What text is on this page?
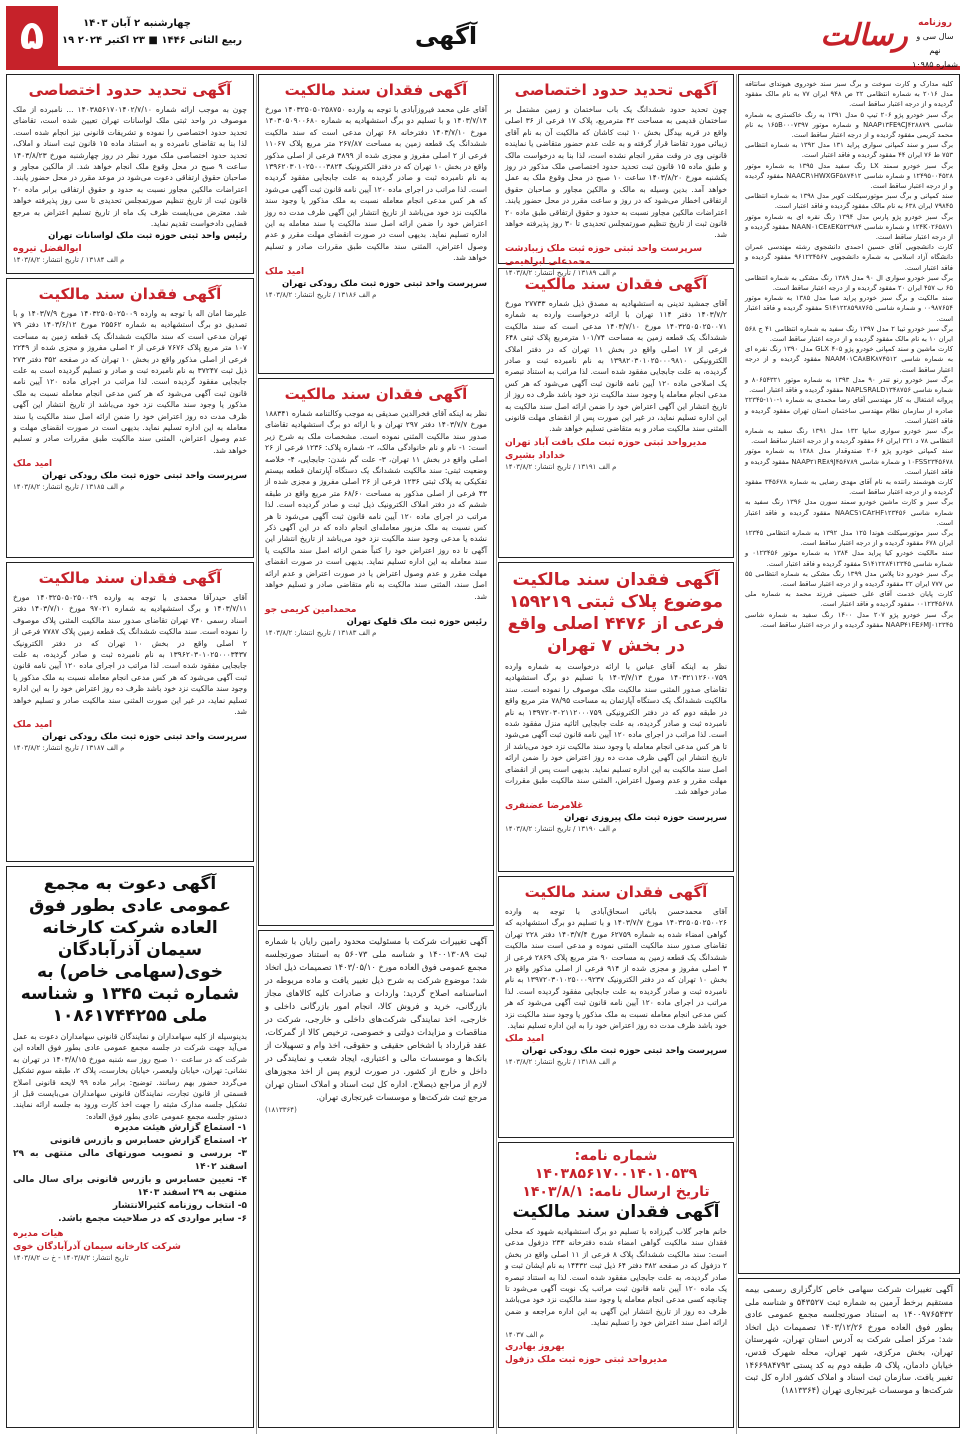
۵	چهارشنبه ۲ آبان ۱۴۰۳
۱۹ ربیع الثانی ۱۴۴۶ ■ ۲۳ اکتبر ۲۰۲۴	آگهی	رسالت	روزنامه
سال سی و نهم
شماره ۱۰۹۸۵
آگهی تحدید حدود اختصاصی

چون به موجب ارائه شماره ۱۴۰۳۸۵۶۱۷۰۱۴۰۲/۷/۱۰ ... نامبرده از ملک موصوف در واحد ثبتی ملک لواسانات تهران تعیین شده است، تقاضای تحدید حدود اختصاصی را نموده و تشریفات قانونی نیز انجام شده است. لذا بنا به تقاضای نامبرده و به استناد ماده ۱۵ قانون ثبت اسناد و املاک، تحدید حدود اختصاصی ملک مورد نظر در روز چهارشنبه مورخ ۱۴۰۳/۸/۲۳ ساعت ۹ صبح در محل وقوع ملک انجام خواهد شد. از مالکین مجاور و صاحبان حقوق ارتفاقی دعوت می‌شود در موعد مقرر در محل حضور یابند. اعتراضات مالکین مجاور نسبت به حدود و حقوق ارتفاقی برابر ماده ۲۰ قانون ثبت از تاریخ تنظیم صورتمجلس تحدیدی تا سی روز پذیرفته خواهد شد. معترض می‌بایست ظرف یک ماه از تاریخ تسلیم اعتراض به مرجع قضایی دادخواست تقدیم نماید.

رئیس واحد ثبتی حوزه ثبت ملک لواسانات تهران
ابوالفضل تیروه
م الف ۱۳۱۸۴ / تاریخ انتشار: ۱۴۰۳/۸/۲
آگهی فقدان سند مالکیت

علیرضا امان اله با توجه به وارده ۱۴۰۳۲۵۰۵۰۲۵۰۰۹ مورخ ۱۴۰۳/۷/۹ و با تصدیق دو برگ استشهادیه به شماره ۲۵۵۶۲ مورخ ۱۴۰۳/۶/۱۲ دفتر ۷۹ تهران مدعی است که سند مالکیت ششدانگ یک قطعه زمین به مساحت ۱۰۷ متر مربع پلاک ۷۶۷۶ فرعی از ۲ اصلی مفروز و مجزی شده از ۲۲۴۹ فرعی از اصلی مذکور واقع در بخش ۱۰ تهران که در صفحه ۳۵۲ دفتر ۲۷۳ ذیل ثبت ۳۷۲۴۷ به نام نامبرده ثبت و صادر و تسلیم گردیده است به علت جابجایی مفقود گردیده است. لذا مراتب در اجرای ماده ۱۲۰ آیین نامه قانون ثبت آگهی می‌شود که هر کس مدعی انجام معامله نسبت به ملک مذکور یا وجود سند مالکیت نزد خود می‌باشد از تاریخ انتشار این آگهی ظرف مدت ده روز اعتراض خود را ضمن ارائه اصل سند مالکیت یا سند معامله به این اداره تسلیم نماید. بدیهی است در صورت انقضای مهلت و عدم وصول اعتراض، المثنی سند مالکیت طبق مقررات صادر و تسلیم خواهد شد.

امید ملک
سرپرست واحد ثبتی حوزه ثبت ملک رودکی تهران
م الف ۱۳۱۸۵ / تاریخ انتشار: ۱۴۰۳/۸/۲
آگهی فقدان سند مالکیت

آقای حیدرآقا محمدی با توجه به وارده ۱۴۰۳۲۵۰۵۰۲۵۰۰۲۹ مورخ ۱۴۰۳/۷/۱۱ و برگ استشهادیه به شماره ۹۷۰۲۱ مورخ ۱۴۰۳/۷/۱۰ دفتر اسناد رسمی ۷۴۰ تهران تقاضای صدور سند مالکیت المثنی پلاک موصوف را نموده است. سند مالکیت ششدانگ یک قطعه زمین پلاک ۷۷۸۷ فرعی از ۲ اصلی واقع در بخش ۱۰ تهران که در دفتر الکترونیک ۱۳۹۶۲۰۳۰۱۰۲۵۰۰۰۳۴۳۷ به نام نامبرده ثبت و صادر گردیده، به علت جابجایی مفقود شده است. لذا مراتب در اجرای ماده ۱۲۰ آیین نامه قانون ثبت آگهی می‌شود که هر کس مدعی انجام معامله نسبت به ملک مذکور یا وجود سند مالکیت نزد خود باشد ظرف ده روز اعتراض خود را به این اداره تسلیم نماید، در غیر این صورت المثنی سند مالکیت صادر و تسلیم خواهد شد.

امید ملک
سرپرست واحد ثبتی حوزه ثبت ملک رودکی تهران
م الف ۱۳۱۸۷ / تاریخ انتشار: ۱۴۰۳/۸/۲
آگهی دعوت به مجمع عمومی عادی بطور فوق العاده شرکت کارخانه سیمان آذرآبادگان خوی(سهامی خاص) به شماره ثبت ۱۳۴۵ و شناسه ملی ۱۰۸۶۱۷۴۴۲۵۵

بدینوسیله از کلیه سهامداران و نمایندگان قانونی سهامداران دعوت به عمل می‌آید جهت شرکت در جلسه مجمع عمومی عادی بطور فوق العاده این شرکت که در ساعت ۱۰ صبح روز سه شنبه مورخ ۱۴۰۳/۸/۱۵ در تهران به نشانی: تهران، خیابان ولیعصر، خیابان بخارست، پلاک ۲، طبقه سوم تشکیل می‌گردد حضور بهم رسانند. توضیح: برابر ماده ۹۹ لایحه قانونی اصلاح قسمتی از قانون تجارت، نمایندگان قانونی سهامداران می‌بایست قبل از تشکیل جلسه مدارک مثبته را جهت اخذ کارت ورود به جلسه ارائه نمایند. دستور جلسه مجمع عمومی عادی بطور فوق العاده:

۱- استماع گزارش هیئت مدیره
۲- استماع گزارش حسابرس و بازرس قانونی
۳- بررسی و تصویب صورتهای مالی منتهی به ۲۹ اسفند ۱۴۰۲
۴- تعیین حسابرس و بازرس قانونی برای سال مالی منتهی به ۲۹ اسفند ۱۴۰۳
۵- انتخاب روزنامه کثیرالانتشار
۶- سایر مواردی که در صلاحیت مجمع باشد.

هیات مدیره
شرکت کارخانه سیمان آذرآبادگان خوی
تاریخ انتشار: ۱۴۰۳/۸/۲ - خ ت ۱۴۰۳/۸/۲
آگهی فقدان سند مالکیت

آقای علی محمد فیروزآبادی با توجه به وارده ۱۴۰۳۲۵۰۵۰۲۵۸۷۵۰ مورخ ۱۴۰۳/۷/۱۴ و با تسلیم دو برگ استشهادیه به شماره ۱۴۰۳۰۵۰۹۰۰۶۸۰ مورخ ۱۴۰۳/۷/۱۰ دفترخانه ۶۸ تهران مدعی است که سند مالکیت ششدانگ یک قطعه زمین به مساحت ۲۶۷/۸۷ متر مربع پلاک ۱۱۰۶۷ فرعی از ۲ اصلی مفروز و مجزی شده از ۳۸۹۹ فرعی از اصلی مذکور واقع در بخش ۱۰ تهران که در دفتر الکترونیک ۱۳۹۶۲۰۳۰۱۰۲۵۰۰۰۳۸۲۴ به نام نامبرده ثبت و صادر گردیده به علت جابجایی مفقود گردیده است. لذا مراتب در اجرای ماده ۱۲۰ آیین نامه قانون ثبت آگهی می‌شود که هر کس مدعی انجام معامله نسبت به ملک مذکور یا وجود سند مالکیت نزد خود می‌باشد از تاریخ انتشار این آگهی ظرف مدت ده روز اعتراض خود را ضمن ارائه اصل سند مالکیت یا سند معامله به این اداره تسلیم نماید. بدیهی است در صورت انقضای مهلت مقرر و عدم وصول اعتراض، المثنی سند مالکیت طبق مقررات صادر و تسلیم خواهد شد.

امید ملک
سرپرست واحد ثبتی حوزه ثبت ملک رودکی تهران
م الف ۱۳۱۸۶ / تاریخ انتشار: ۱۴۰۳/۸/۲
آگهی فقدان سند مالکیت

نظر به اینکه آقای فخرالدین صدیقی به موجب وکالتنامه شماره ۱۸۸۳۴۱ مورخ ۱۴۰۳/۷/۷ دفتر ۲۹۷ تهران و با ارائه دو برگ استشهادیه تقاضای صدور سند مالکیت المثنی نموده است. مشخصات ملک به شرح زیر است: ۱- نام و نام خانوادگی مالک، ۲- شماره پلاک: ۱۲۳۶ فرعی از ۲۶ اصلی واقع در بخش ۱۱ تهران، ۳- علت گم شدن: جابجایی، ۴- خلاصه وضعیت ثبتی: سند مالکیت ششدانگ یک دستگاه آپارتمان قطعه بیستم تفکیکی به پلاک ثبتی ۱۲۳۶ فرعی از ۲۶ اصلی مفروز و مجزی شده از ۴۳ فرعی از اصلی مذکور به مساحت ۶۸/۶۰ متر مربع واقع در طبقه ششم که در دفتر املاک الکترونیک ذیل ثبت و صادر گردیده است. لذا مراتب در اجرای ماده ۱۲۰ آیین نامه قانون ثبت آگهی می‌شود تا هر کس نسبت به ملک مزبور معامله‌ای انجام داده که در این آگهی ذکر نشده یا مدعی وجود سند مالکیت نزد خود می‌باشد از تاریخ انتشار این آگهی تا ده روز اعتراض خود را کتباً ضمن ارائه اصل سند مالکیت یا سند معامله به این اداره تسلیم نماید. بدیهی است در صورت انقضای مهلت مقرر و عدم وصول اعتراض یا در صورت اعتراض و عدم ارائه اصل سند، المثنی سند مالکیت به نام متقاضی صادر و تسلیم خواهد شد.

محمدامین کریمی جو
رئیس حوزه ثبت ملک قلهک تهران
م الف ۱۳۱۸۳ / تاریخ انتشار: ۱۴۰۳/۸/۲

آگهی تغییرات شرکت با مسئولیت محدود رامین رایان با شماره ثبت ۱۴۰۰۱۳۰۸۹ و شناسه ملی ۵۶۰۷۳ به استناد صورتجلسه مجمع عمومی فوق العاده مورخ ۱۴۰۳/۰۵/۱۰ تصمیمات ذیل اتخاذ شد: موضوع شرکت به شرح ذیل تغییر یافت و ماده مربوطه در اساسنامه اصلاح گردید: واردات و صادرات کلیه کالاهای مجاز بازرگانی، خرید و فروش کالا، انجام امور بازرگانی داخلی و خارجی، اخذ نمایندگی شرکت‌های داخلی و خارجی، شرکت در مناقصات و مزایدات دولتی و خصوصی، ترخیص کالا از گمرکات، عقد قرارداد با اشخاص حقیقی و حقوقی، اخذ وام و تسهیلات از بانک‌ها و موسسات مالی و اعتباری، ایجاد شعب و نمایندگی در داخل و خارج از کشور. در صورت لزوم پس از اخذ مجوزهای لازم از مراجع ذیصلاح. اداره کل ثبت اسناد و املاک استان تهران مرجع ثبت شرکت‌ها و موسسات غیرتجاری تهران.

(۱۸۱۳۳۶۴)
آگهی تحدید حدود اختصاصی

چون تحدید حدود ششدانگ یک باب ساختمان و زمین مشتمل بر ساختمان قدیمی به مساحت ۴۲ مترمربع، پلاک ۱۷ فرعی از ۳۶ اصلی واقع در قریه بیدگل بخش ۱۰ ثبت کاشان که مالکیت آن به نام آقای زیبائی مورد تقاضا قرار گرفته و به علت عدم حضور متقاضی یا نماینده قانونی وی در وقت مقرر انجام نشده است، لذا بنا به درخواست مالک و طبق ماده ۱۵ قانون ثبت تحدید حدود اختصاصی ملک مذکور در روز یکشنبه مورخ ۱۴۰۳/۸/۲۰ ساعت ۱۰ صبح در محل وقوع ملک به عمل خواهد آمد. بدین وسیله به مالک و مالکین مجاور و صاحبان حقوق ارتفاقی اخطار می‌شود که در روز و ساعت مقرر در محل حضور یابند. اعتراضات مالکین مجاور نسبت به حدود و حقوق ارتفاقی طبق ماده ۲۰ قانون ثبت از تاریخ تنظیم صورتمجلس تحدیدی تا ۳۰ روز پذیرفته خواهد شد.

سرپرست واحد ثبتی حوزه ثبت ملک زیبادشت
محمدعلی ابراهیمی
م الف ۱۳۱۸۹ / تاریخ انتشار: ۱۴۰۳/۸/۲
آگهی فقدان سند مالکیت

آقای جمشید تدینی به استشهادیه به مصدق ذیل شماره ۲۷۷۳۳ مورخ ۱۴۰۳/۷/۲ دفتر ۱۱۴ تهران با ارائه درخواست وارده به شماره ۱۴۰۳۲۵۰۵۰۲۵۰۰۷۱ مورخ ۱۴۰۳/۷/۱۰ مدعی است که سند مالکیت ششدانگ یک قطعه زمین به مساحت ۱۰۱/۷۴ مترمربع پلاک ثبتی ۶۴۸ فرعی از ۱۷ اصلی واقع در بخش ۱۱ تهران که در دفتر املاک الکترونیکی ۱۳۹۸۲۰۳۰۱۰۲۵۰۰۰۹۸۱۰ به نام نامبرده ثبت و صادر گردیده، به علت جابجایی مفقود شده است. لذا مراتب به استناد تبصره یک اصلاحی ماده ۱۲۰ آیین نامه قانون ثبت آگهی می‌شود که هر کس مدعی انجام معامله یا وجود سند مالکیت نزد خود باشد ظرف ده روز از تاریخ انتشار این آگهی اعتراض خود را ضمن ارائه اصل سند مالکیت به این اداره تسلیم نماید، در غیر این صورت پس از انقضای مهلت قانونی المثنی سند مالکیت صادر و به متقاضی تسلیم خواهد شد.

مدیرواحد ثبتی حوزه ثبت ملک بافت آباد تهران
خداداد بشیری
م الف ۱۳۱۹۱ / تاریخ انتشار: ۱۴۰۳/۸/۲
آگهی فقدان سند مالکیت موضوع پلاک ثبتی ۱۵۹۲۱۹ فرعی از ۴۴۷۶ اصلی واقع در بخش ۷ تهران

نظر به اینکه آقای عباس با ارائه درخواست به شماره وارده ۱۴۰۳۲۱۱۲۶۰۰۷۵۹ مورخ ۱۴۰۳/۷/۱۳ با تسلیم دو برگ استشهادیه تقاضای صدور المثنی سند مالکیت ملک موصوف را نموده است. سند مالکیت ششدانگ یک دستگاه آپارتمان به مساحت ۷۸/۹۵ متر مربع واقع در طبقه دوم که در دفتر الکترونیکی ۱۳۹۷۲۰۳۰۲۱۱۲۰۰۰۷۵۹ به نام نامبرده ثبت و صادر گردیده، به علت جابجایی اثاثیه منزل مفقود شده است. لذا مراتب در اجرای ماده ۱۲۰ آیین نامه قانون ثبت آگهی می‌شود تا هر کس مدعی انجام معامله یا وجود سند مالکیت نزد خود می‌باشد از تاریخ انتشار این آگهی ظرف مدت ده روز اعتراض خود را ضمن ارائه اصل سند مالکیت به این اداره تسلیم نماید. بدیهی است پس از انقضای مهلت مقرر و عدم وصول اعتراض، المثنی سند مالکیت طبق مقررات صادر خواهد شد.

غلامرضا عضنفری
سرپرست حوزه ثبت ملک پیروزی تهران
م الف ۱۳۱۹۰ / تاریخ انتشار: ۱۴۰۳/۸/۲
آگهی فقدان سند مالکیت

آقای محمدحسن بابائی اسحاق‌آبادی با توجه به وارده ۱۴۰۳۲۵۰۵۰۲۵۰۰۲۶ مورخ ۱۴۰۳/۷/۷ و با تسلیم دو برگ استشهادیه که گواهی امضاء شده به شماره ۶۲۷۵۹ مورخ ۱۴۰۳/۷/۴ دفتر ۲۲۸ تهران تقاضای صدور سند مالکیت المثنی نموده و مدعی است سند مالکیت ششدانگ یک قطعه زمین به مساحت ۹۰ متر مربع پلاک ۲۸۶۹ فرعی از ۳ اصلی مفروز و مجزی شده از ۹۱۴ فرعی از اصلی مذکور واقع در بخش ۱۰ تهران که در دفتر الکترونیک ۱۳۹۷۲۰۳۰۱۰۲۵۰۰۰۹۲۳۷ به نام نامبرده ثبت و صادر گردیده به علت جابجایی مفقود گردیده است. لذا مراتب در اجرای ماده ۱۲۰ آیین نامه قانون ثبت آگهی می‌شود که هر کس مدعی انجام معامله نسبت به ملک مذکور یا وجود سند مالکیت نزد خود باشد ظرف مدت ده روز اعتراض خود را به این اداره تسلیم نماید.

امید ملک
سرپرست واحد ثبتی حوزه ثبت ملک رودکی تهران
م الف ۱۳۱۸۸ / تاریخ انتشار: ۱۴۰۳/۸/۲
شماره نامه: ۱۴۰۳۸۵۶۱۷۰۰۱۴۰۱۰۵۳۹
تاریخ ارسال نامه: ۱۴۰۳/۸/۱
آگهی فقدان سند مالکیت

خانم هاجر گلاب گیرزاده با تسلیم دو برگ استشهادیه شهود که محلی فقدان سند مالکیت گواهی امضاء شده دفترخانه ۲۳۳ دزفول مدعی است: سند مالکیت ششدانگ پلاک ۸ فرعی از ۱۱ اصلی واقع در بخش ۲ دزفول که در صفحه ۳۸۲ دفتر ۶۴ ذیل ثبت ۱۴۴۳۲ به نام ایشان ثبت و صادر گردیده، به علت جابجایی مفقود شده است. لذا به استناد تبصره یک ماده ۱۲۰ آیین نامه قانون ثبت مراتب یک نوبت آگهی می‌شود تا چنانچه کسی مدعی انجام معامله یا وجود سند مالکیت نزد خود می‌باشد ظرف ده روز از تاریخ انتشار این آگهی به این اداره مراجعه و ضمن ارائه اصل سند اعتراض خود را تسلیم نماید.

م الف ۱۴۰۳۷
بهروز بهادری
مدیرواحد ثبتی حوزه ثبت ملک دزفول

کلیه مدارک و کارت سوخت و برگ سبز سند خودروی هیوندای سانتافه مدل ۲۰۱۶ به شماره انتظامی ۲۲ ص ۹۴۸ ایران ۷۷ به نام مالک مفقود گردیده و از درجه اعتبار ساقط است.

برگ سبز خودرو پژو ۲۰۶ تیپ ۵ مدل ۱۳۹۱ به رنگ خاکستری به شماره شاسی NAAP۱۳FE۹CJ۴۲۸۸۷۹ و شماره موتور ۱۶۵B۰۰۰۷۳۹۷ به نام محمد کریمی مفقود گردیده و از درجه اعتبار ساقط است.

برگ سبز و سند کمپانی سواری پراید ۱۳۱ مدل ۱۳۹۲ به شماره انتظامی ۷۵۳ ط ۷۶ ایران ۴۴ مفقود گردیده و فاقد اعتبار است.

برگ سبز خودرو سمند LX رنگ سفید مدل ۱۳۹۵ به شماره موتور ۱۲۴۹۵۰۰۴۵۲۸ و شماره شاسی NAACR۱HWXGF۵۸۷۴۱۲ مفقود گردیده و از درجه اعتبار ساقط است.

سند کمپانی و برگ سبز موتورسیکلت کویر مدل ۱۳۹۸ به شماره انتظامی ۷۹۸۴۵ ایران ۶۳۸ به نام مالک مفقود گردیده و فاقد اعتبار است.

برگ سبز خودرو پژو پارس مدل ۱۳۹۴ رنگ نقره ای به شماره موتور ۱۲۴K۰۲۶۵۸۷۱ و شماره شاسی NAAN۰۱CE۸EK۵۲۳۹۸۴ مفقود گردیده و از درجه اعتبار ساقط است.

کارت دانشجویی آقای حسین احمدی دانشجوی رشته مهندسی عمران دانشگاه آزاد اسلامی به شماره دانشجویی ۹۶۱۲۳۴۵۶۷ مفقود گردیده و فاقد اعتبار است.

برگ سبز خودرو سواری ال ۹۰ مدل ۱۳۸۹ رنگ مشکی به شماره انتظامی ۶۵ ب ۴۵۷ ایران ۲۰ مفقود گردیده و از درجه اعتبار ساقط است.

سند مالکیت و برگ سبز خودرو پراید صبا مدل ۱۳۸۵ به شماره موتور ۰۰۹۸۷۶۵۴ و شماره شاسی S۱۴۱۲۲۸۵۹۸۷۶۵ مفقود گردیده و فاقد اعتبار است.

برگ سبز خودرو تیبا ۲ مدل ۱۳۹۷ رنگ سفید به شماره انتظامی ۴۱ ج ۵۶۸ ایران ۱۰ به نام مالک مفقود گردیده و از درجه اعتبار ساقط است.

کارت ماشین و سند کمپانی خودرو پژو ۴۰۵ GLX مدل ۱۳۹۰ رنگ نقره ای به شماره شاسی NAAM۰۱CA۸BK۸۷۴۵۱۲ مفقود گردیده و از درجه اعتبار ساقط است.

برگ سبز خودرو رنو تندر ۹۰ مدل ۱۳۹۳ به شماره موتور ۸۰۶۵۴۳۲۱ و شماره شاسی NAPLSRALD۱۳۴۸۷۵۶ مفقود گردیده و فاقد اعتبار است.

پروانه اشتغال به کار مهندسی آقای رضا محمدی به شماره ۱-۱۱۰-۲۲۳۴۵ صادره از سازمان نظام مهندسی ساختمان استان تهران مفقود گردیده و فاقد اعتبار است.

برگ سبز خودرو سواری سایپا ۱۳۲ مدل ۱۳۹۱ رنگ سفید به شماره انتظامی ۷۸ د ۳۲۱ ایران ۶۶ مفقود گردیده و از درجه اعتبار ساقط است.

سند کمپانی خودرو پژو ۲۰۶ صندوقدار مدل ۱۳۸۸ به شماره موتور ۱۰FSS۲۳۴۵۶۷۸ و شماره شاسی NAAP۲۱RE۸۹J۴۵۶۷۸۹ مفقود گردیده و فاقد اعتبار است.

کارت هوشمند راننده به نام آقای مهدی رضایی به شماره ۳۴۵۶۷۸ مفقود گردیده و از درجه اعتبار ساقط است.

برگ سبز و کارت ماشین خودرو سمند سورن مدل ۱۳۹۶ رنگ سفید به شماره شاسی NAACS۱CA۲HF۱۲۳۴۵۶ مفقود گردیده و فاقد اعتبار است.

برگ سبز موتورسیکلت هوندا ۱۲۵ مدل ۱۳۹۲ به شماره انتظامی ۱۲۳۴۵ ایران ۶۷۸ مفقود گردیده و از درجه اعتبار ساقط است.

سند مالکیت خودرو کیا پراید مدل ۱۳۸۴ به شماره موتور ۰۱۲۳۴۵۶ و شماره شاسی S۱۴۱۲۲۸۴۱۲۳۴۵ مفقود گردیده و فاقد اعتبار است.

برگ سبز خودرو دنا پلاس مدل ۱۳۹۹ رنگ مشکی به شماره انتظامی ۵۵ س ۷۷۷ ایران ۲۲ مفقود گردیده و از درجه اعتبار ساقط است.

کارت پایان خدمت آقای علی حسینی فرزند محمد به شماره ملی ۰۰۱۲۳۴۵۶۷۸ مفقود گردیده و فاقد اعتبار است.

برگ سبز خودرو پژو ۲۰۷ مدل ۱۴۰۰ رنگ سفید به شماره شاسی NAAP۴۱FE۶MJ۰۱۲۳۴۵ مفقود گردیده و از درجه اعتبار ساقط است.

آگهی تغییرات شرکت سهامی خاص کارگزاری رسمی بیمه مستقیم برخط آرمین به شماره ثبت ۵۴۳۵۲۷ و شناسه ملی ۱۴۰۰۹۷۶۵۴۳۲ به استناد صورتجلسه مجمع عمومی عادی بطور فوق العاده مورخ ۱۴۰۳/۱۲/۲۶ تصمیمات ذیل اتخاذ شد: مرکز اصلی شرکت به آدرس استان تهران، شهرستان تهران، بخش مرکزی، شهر تهران، محله شهرک قدس، خیابان دادمان، پلاک ۵، طبقه دوم به کد پستی ۱۴۶۶۹۸۴۷۹۳ تغییر یافت. سازمان ثبت اسناد و املاک کشور اداره کل ثبت شرکت‌ها و موسسات غیرتجاری تهران (۱۸۱۳۳۶۴)
